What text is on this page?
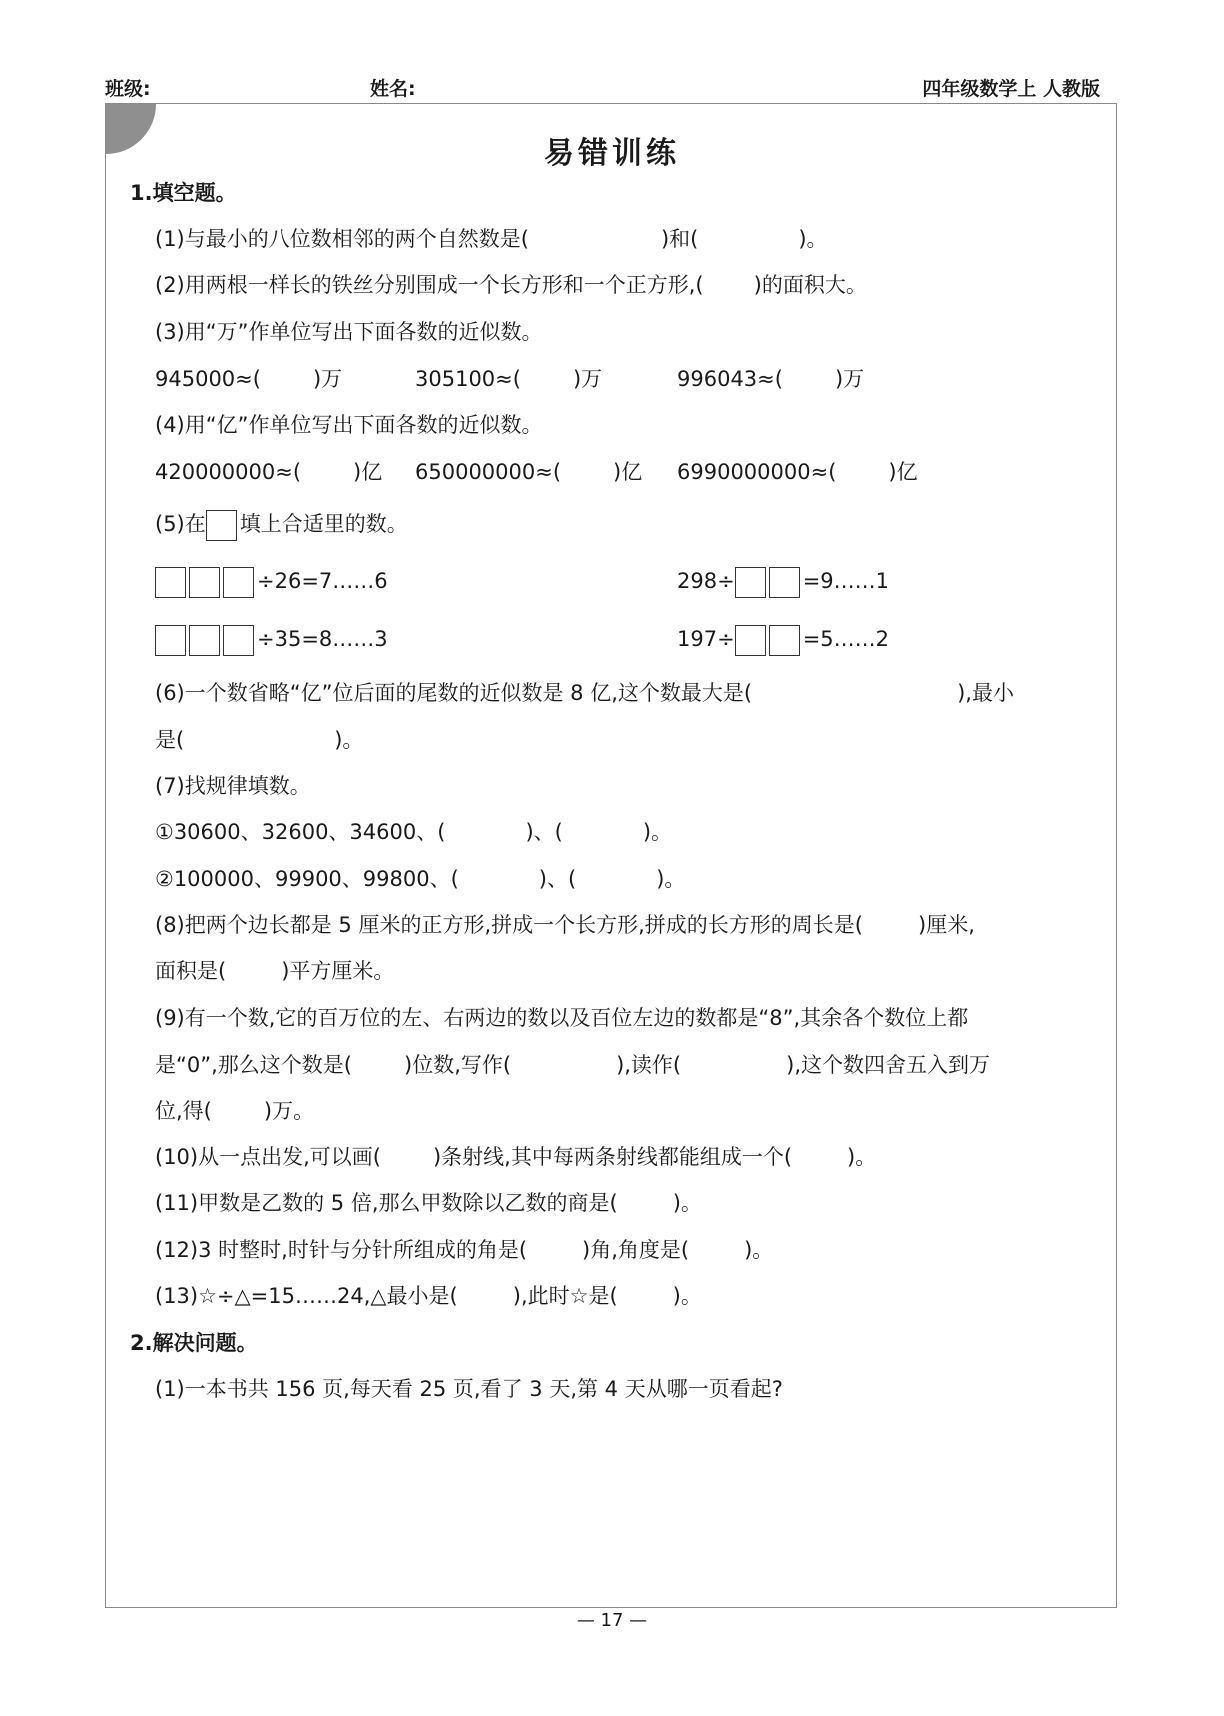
班级:	姓名:	四年级数学上 人教版
易错训练
1.填空题。
(1)与最小的八位数相邻的两个自然数是(	)和(	)。
(2)用两根一样长的铁丝分别围成一个长方形和一个正方形,( )的面积大。
(3)用“万”作单位写出下面各数的近似数。
945000≈( )万	305100≈( )万	996043≈( )万
(4)用“亿”作单位写出下面各数的近似数。
420000000≈( )亿 650000000≈( )亿 6990000000≈( )亿
(5)在 填上合适里的数。
÷26=7……6	298÷	=9……1
÷35=8……3	197÷	=5……2
(6)一个数省略“亿”位后面的尾数的近似数是 8 亿,这个数最大是(	),最小
是(	)。
(7)找规律填数。
①30600、32600、34600、(	)、(	)。
②100000、99900、99800、(	)、(	)。
(8)把两个边长都是 5 厘米的正方形,拼成一个长方形,拼成的长方形的周长是(	)厘米,
面积是(	)平方厘米。
(9)有一个数,它的百万位的左、右两边的数以及百位左边的数都是“8”,其余各个数位上都
是“0”,那么这个数是( )位数,写作(	),读作(	),这个数四舍五入到万
位,得( )万。
(10)从一点出发,可以画( )条射线,其中每两条射线都能组成一个(	)。
(11)甲数是乙数的 5 倍,那么甲数除以乙数的商是(	)。
(12)3 时整时,时针与分针所组成的角是(	)角,角度是(	)。
(13)☆÷△=15……24,△最小是(	),此时☆是(	)。
2.解决问题。
(1)一本书共 156 页,每天看 25 页,看了 3 天,第 4 天从哪一页看起?
— 17 —
